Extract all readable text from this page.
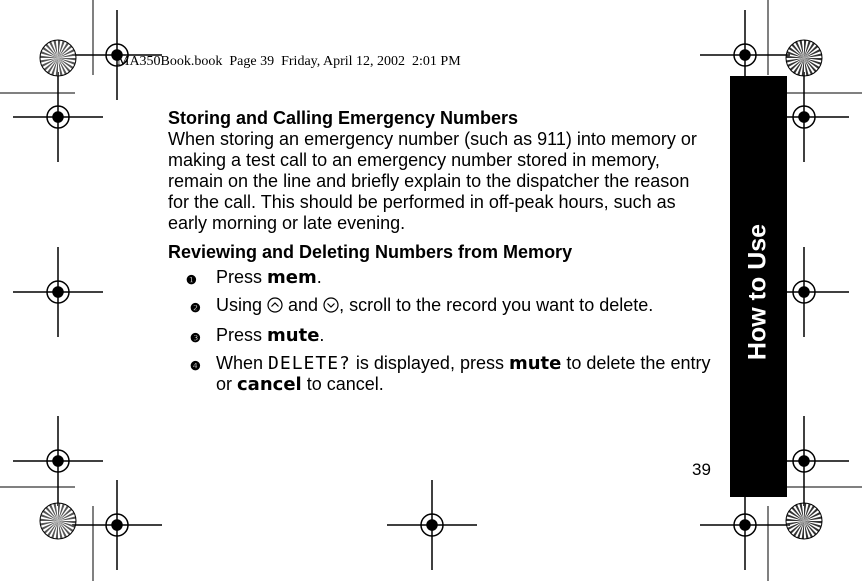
MA350Book.book  Page 39  Friday, April 12, 2002  2:01 PM
How to Use
Storing and Calling Emergency Numbers

When storing an emergency number (such as 911) into memory or making a test call to an emergency number stored in memory, remain on the line and briefly explain to the dispatcher the reason for the call. This should be performed in off-peak hours, such as early morning or late evening.

Reviewing and Deleting Numbers from Memory
❶ Press mem.
❷ Using  and , scroll to the record you want to delete.
❸ Press mute.
❹ When DELETE? is displayed, press mute to delete the entry or cancel to cancel.
39
